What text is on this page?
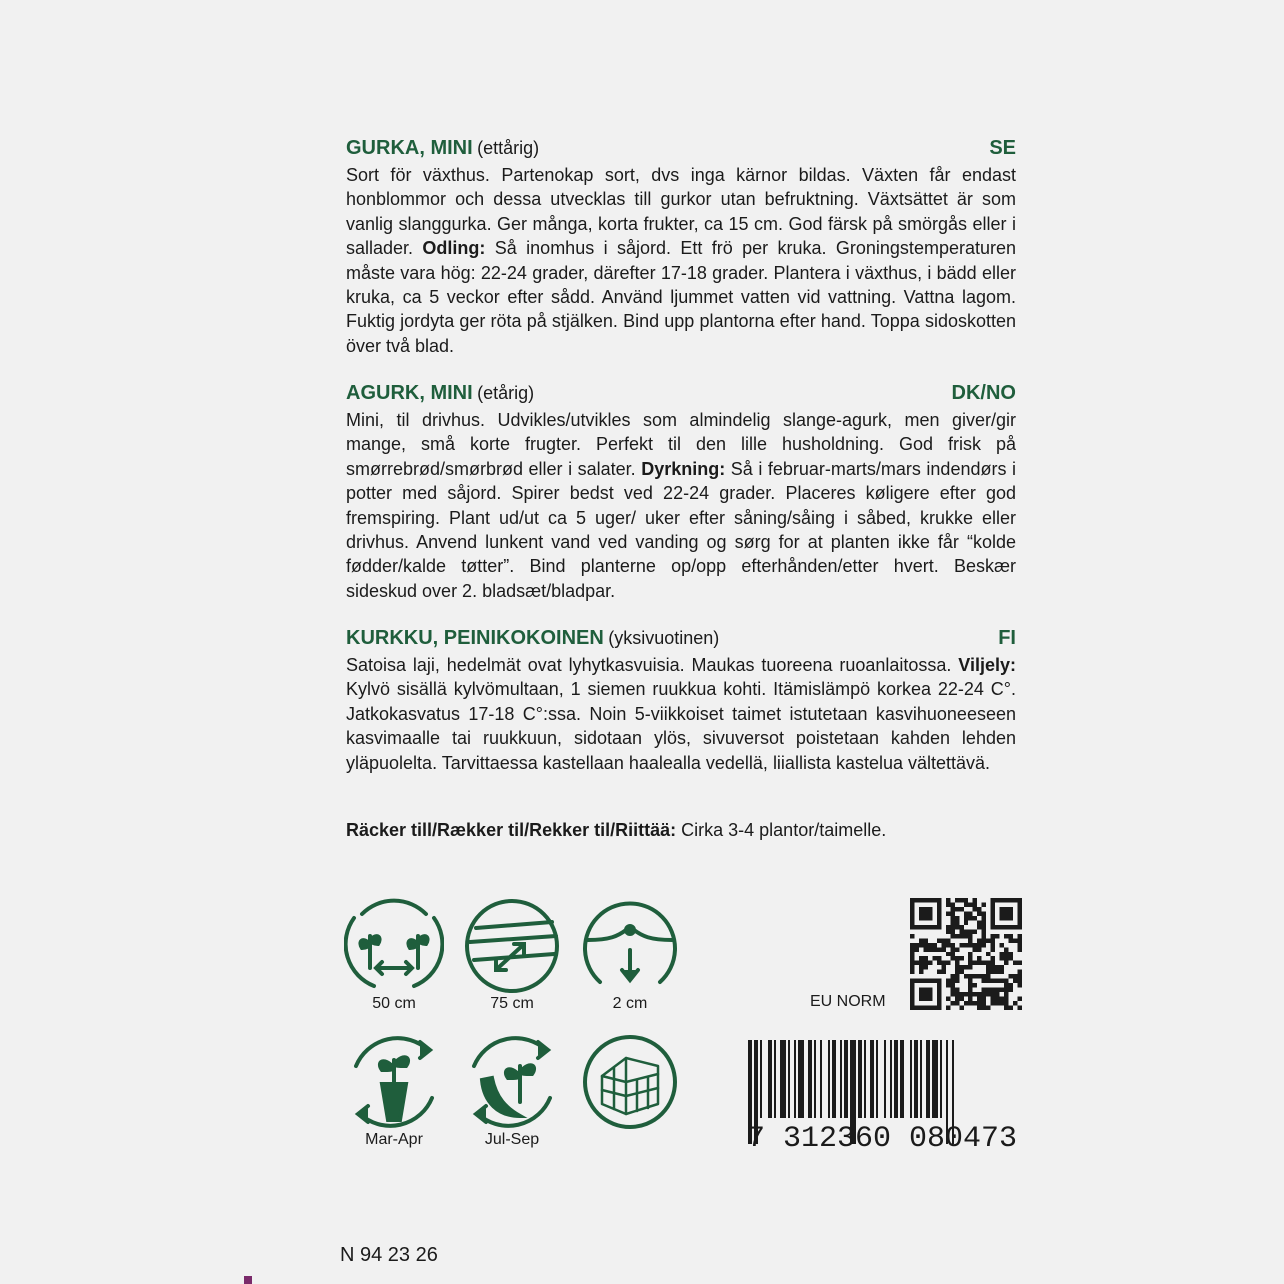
GURKA, MINI (ettårig)	SE
Sort för växthus. Partenokap sort, dvs inga kärnor bildas. Växten får endast honblommor och dessa utvecklas till gurkor utan befruktning. Växtsättet är som vanlig slanggurka. Ger många, korta frukter, ca 15 cm. God färsk på smörgås eller i sallader. Odling: Så inomhus i såjord. Ett frö per kruka. Groningstemperaturen måste vara hög: 22-24 grader, därefter 17-18 grader. Plantera i växthus, i bädd eller kruka, ca 5 veckor efter sådd. Använd ljummet vatten vid vattning. Vattna lagom. Fuktig jordyta ger röta på stjälken. Bind upp plantorna efter hand. Toppa sidoskotten över två blad.
AGURK, MINI (etårig)	DK/NO
Mini, til drivhus. Udvikles/utvikles som almindelig slange-agurk, men giver/gir mange, små korte frugter. Perfekt til den lille husholdning. God frisk på smørrebrød/smørbrød eller i salater. Dyrkning: Så i februar-marts/mars indendørs i potter med såjord. Spirer bedst ved 22-24 grader. Placeres køligere efter god fremspiring. Plant ud/ut ca 5 uger/ uker efter såning/såing i såbed, krukke eller drivhus. Anvend lunkent vand ved vanding og sørg for at planten ikke får “kolde fødder/kalde tøtter”. Bind planterne op/opp efterhånden/etter hvert. Beskær sideskud over 2. bladsæt/bladpar.
KURKKU, PEINIKOKOINEN (yksivuotinen)	FI
Satoisa laji, hedelmät ovat lyhytkasvuisia. Maukas tuoreena ruoanlaitossa. Viljely: Kylvö sisällä kylvömultaan, 1 siemen ruukkua kohti. Itämislämpö korkea 22-24 C°. Jatkokasvatus 17-18 C°:ssa. Noin 5-viikkoiset taimet istutetaan kasvihuoneeseen kasvimaalle tai ruukkuun, sidotaan ylös, sivuversot poistetaan kahden lehden yläpuolelta. Tarvittaessa kastellaan haalealla vedellä, liiallista kastelua vältettävä.
Räcker till/Rækker til/Rekker til/Riittää: Cirka 3-4 plantor/taimelle.
50 cm	75 cm	2 cm
Mar-Apr	Jul-Sep
EU NORM
7 312360 080473
N 94 23 26
